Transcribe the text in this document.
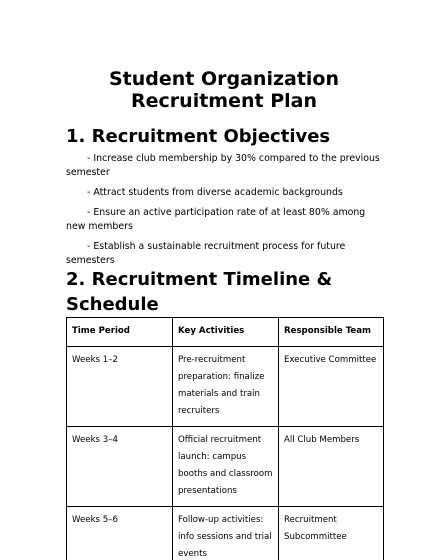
Student Organization
Recruitment Plan
1. Recruitment Objectives
- Increase club membership by 30% compared to the previous semester
- Attract students from diverse academic backgrounds
- Ensure an active participation rate of at least 80% among new members
- Establish a sustainable recruitment process for future semesters
2. Recruitment Timeline & Schedule
Time Period	Key Activities	Responsible Team
Weeks 1–2	Pre-recruitment preparation: finalize materials and train recruiters	Executive Committee
Weeks 3–4	Official recruitment launch: campus booths and classroom presentations	All Club Members
Weeks 5–6	Follow-up activities: info sessions and trial events	Recruitment Subcommittee
